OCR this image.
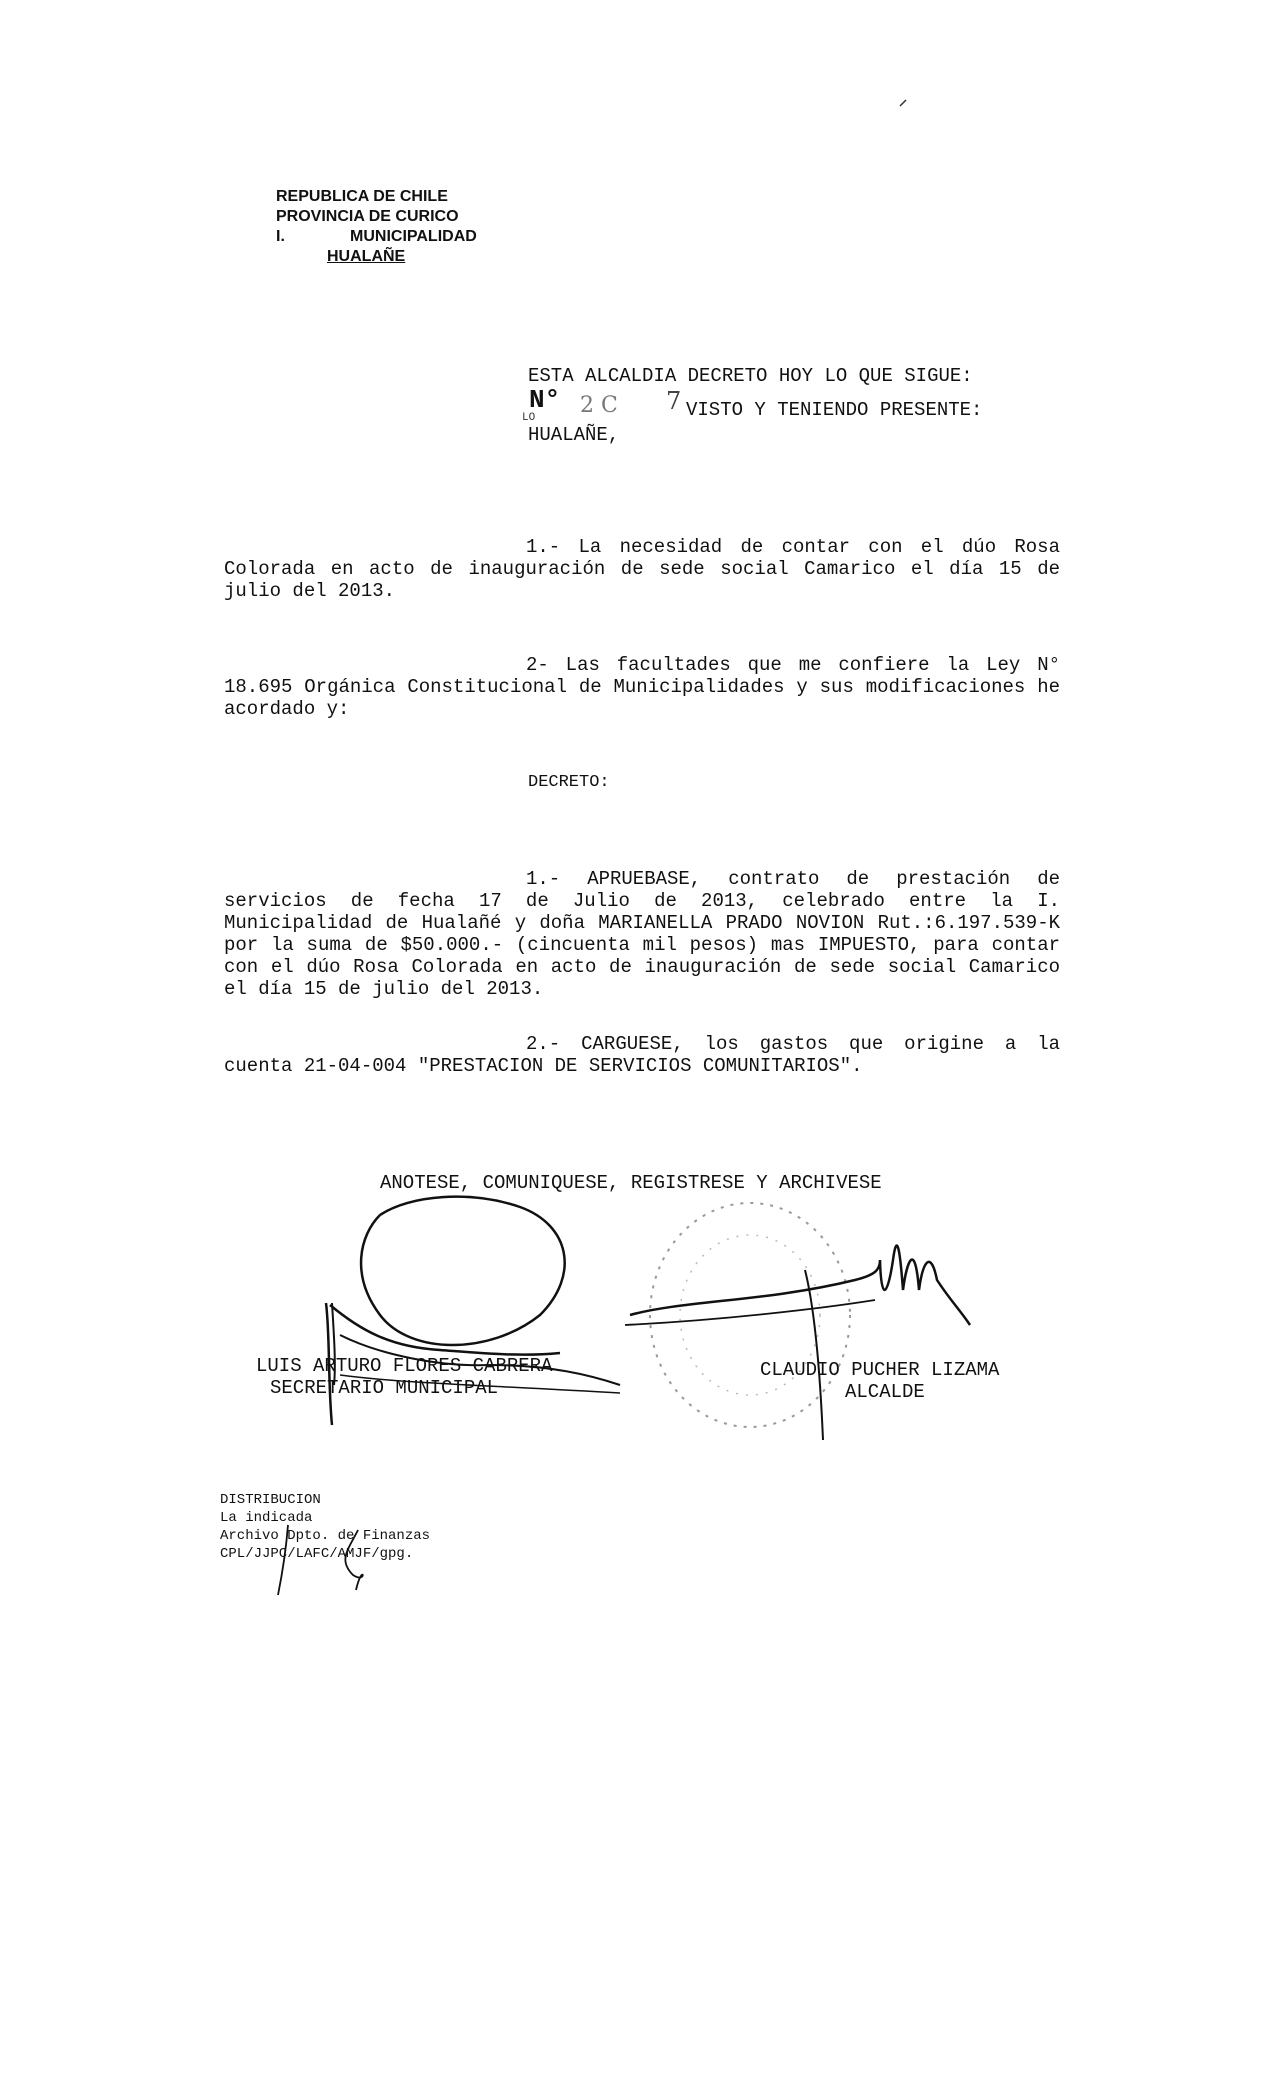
REPUBLICA DE CHILE
PROVINCIA DE CURICO
I.	MUNICIPALIDAD
HUALAÑE
ESTA ALCALDIA DECRETO HOY LO QUE SIGUE:
N° 2 C 7 VISTO Y TENIENDO PRESENTE:
LO
HUALAÑE,
1.- La necesidad de contar con el dúo Rosa Colorada en acto de inauguración de sede social Camarico el día 15 de julio del 2013.
2- Las facultades que me confiere la Ley N° 18.695 Orgánica Constitucional de Municipalidades y sus modificaciones he acordado y:
DECRETO:
1.- APRUEBASE, contrato de prestación de servicios de fecha 17 de Julio de 2013, celebrado entre la I. Municipalidad de Hualañé y doña MARIANELLA PRADO NOVION Rut.:6.197.539-K por la suma de $50.000.- (cincuenta mil pesos) mas IMPUESTO, para contar con el dúo Rosa Colorada en acto de inauguración de sede social Camarico el día 15 de julio del 2013.
2.- CARGUESE, los gastos que origine a la cuenta 21-04-004 "PRESTACION DE SERVICIOS COMUNITARIOS".
ANOTESE, COMUNIQUESE, REGISTRESE Y ARCHIVESE
LUIS ARTURO FLORES CABRERA
SECRETARIO MUNICIPAL
CLAUDIO PUCHER LIZAMA
ALCALDE
DISTRIBUCION
La indicada
Archivo Dpto. de Finanzas
CPL/JJPC/LAFC/AMJF/gpg.
